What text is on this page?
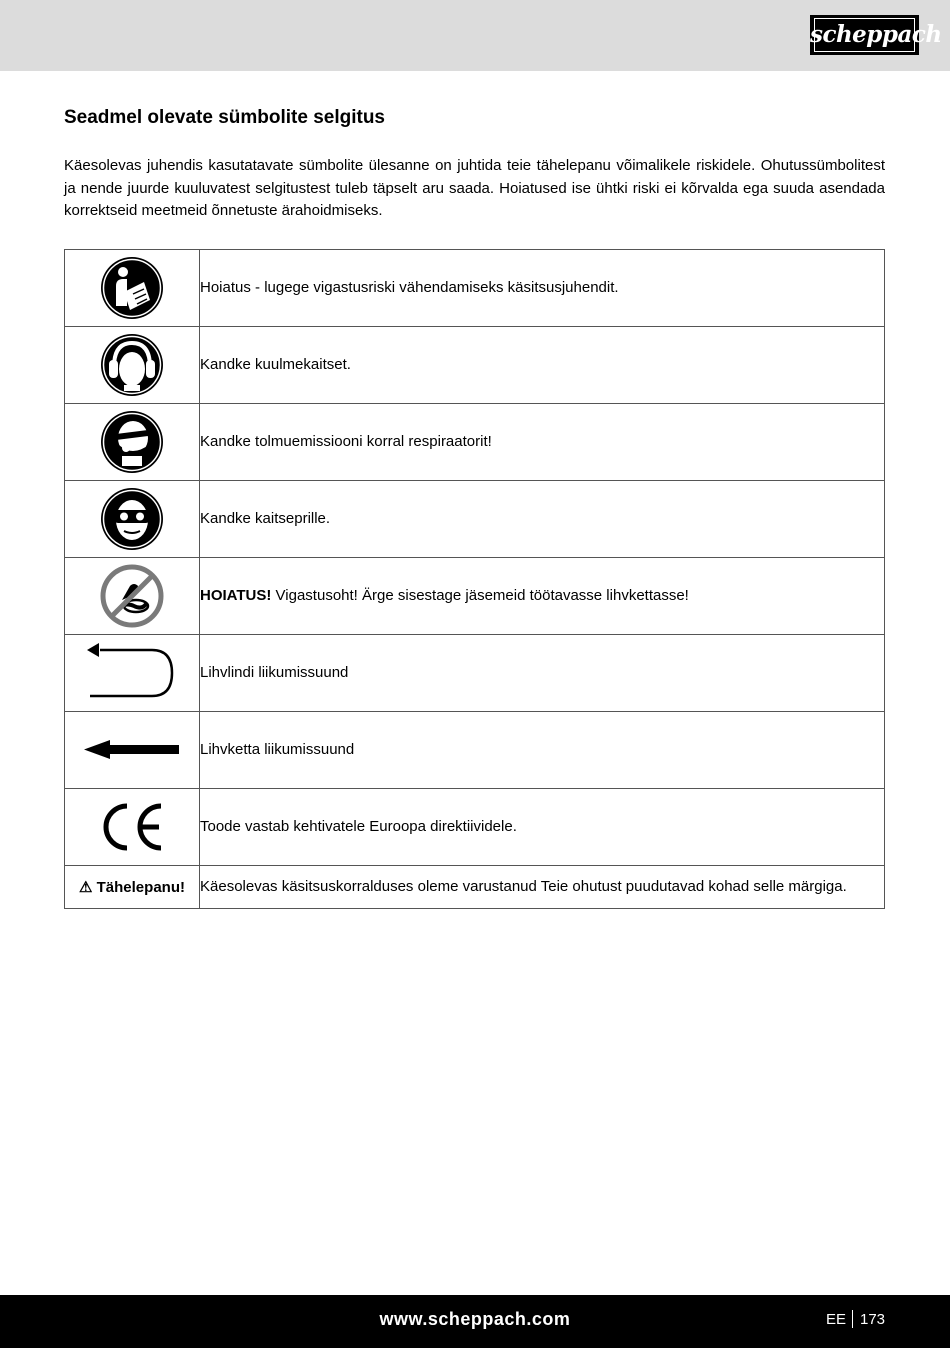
scheppach
Seadmel olevate sümbolite selgitus

Käesolevas juhendis kasutatavate sümbolite ülesanne on juhtida teie tähelepanu võimalikele riskidele. Ohutussümbolitest ja nende juurde kuuluvatest selgitustest tuleb täpselt aru saada. Hoiatused ise ühtki riski ei kõrvalda ega suuda asendada korrektseid meetmeid õnnetuste ärahoidmiseks.

	Hoiatus - lugege vigastusriski vähendamiseks käsitsusjuhendit.

	Kandke kuulmekaitset.

	Kandke tolmuemissiooni korral respiraatorit!

	Kandke kaitseprille.

	HOIATUS! Vigastusoht! Ärge sisestage jäsemeid töötavasse lihvkettasse!

	Lihvlindi liikumissuund

	Lihvketta liikumissuund

	Toode vastab kehtivatele Euroopa direktiividele.
⚠ Tähelepanu!	Käesolevas käsitsuskorralduses oleme varustanud Teie ohutust puudutavad kohad selle märgiga.
www.scheppach.com	EE 173
